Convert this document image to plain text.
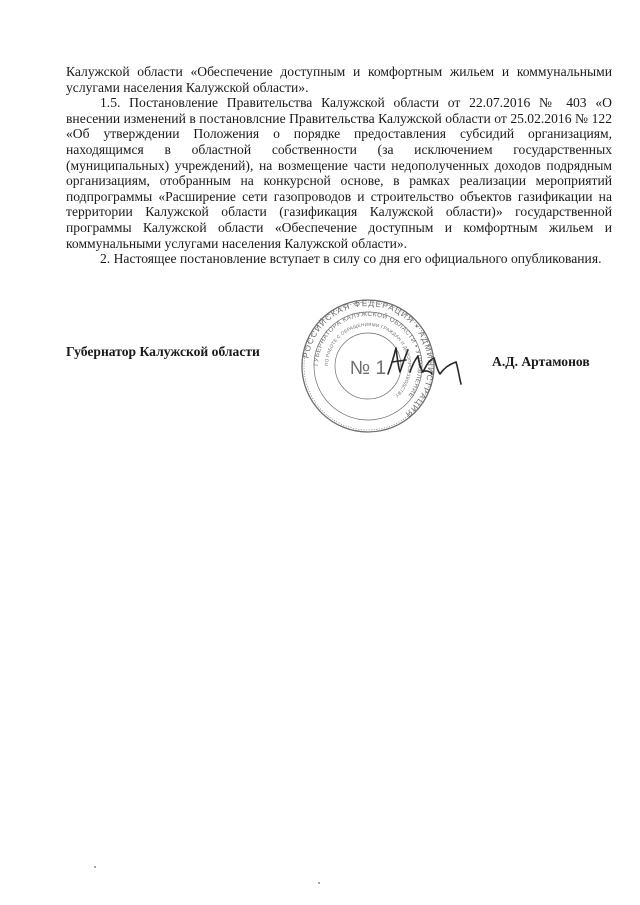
Калужской области «Обеспечение доступным и комфортным жильем и коммунальными услугами населения Калужской области».

1.5. Постановление Правительства Калужской области от 22.07.2016 № 403 «О внесении изменений в постановлсние Правительства Калужской области от 25.02.2016 № 122 «Об утверждении Положения о порядке предоставления субсидий организациям, находящимся в областной собственности (за исключением государственных (муниципальных) учреждений), на возмещение части недополученных доходов подрядным организациям, отобранным на конкурсной основе, в рамках реализации мероприятий подпрограммы «Расширение сети газопроводов и строительство объектов газификации на территории Калужской области (газификация Калужской области)» государственной программы Калужской области «Обеспечение доступным и комфортным жильем и коммунальными услугами населения Калужской области».

2. Настоящее постановление вступает в силу со дня его официального опубликования.

Губернатор Калужской области	РОССИЙСКАЯ ФЕДЕРАЦИЯ • АДМИНИСТРАЦИЯ
ГУБЕРНАТОРА КАЛУЖСКОЙ ОБЛАСТИ • УПРАВЛЕНИЕ
ПО РАБОТЕ С ОБРАЩЕНИЯМИ ГРАЖДАН И ДЕЛОПРОИЗВОДСТВУ
№ 1	А.Д. Артамонов
